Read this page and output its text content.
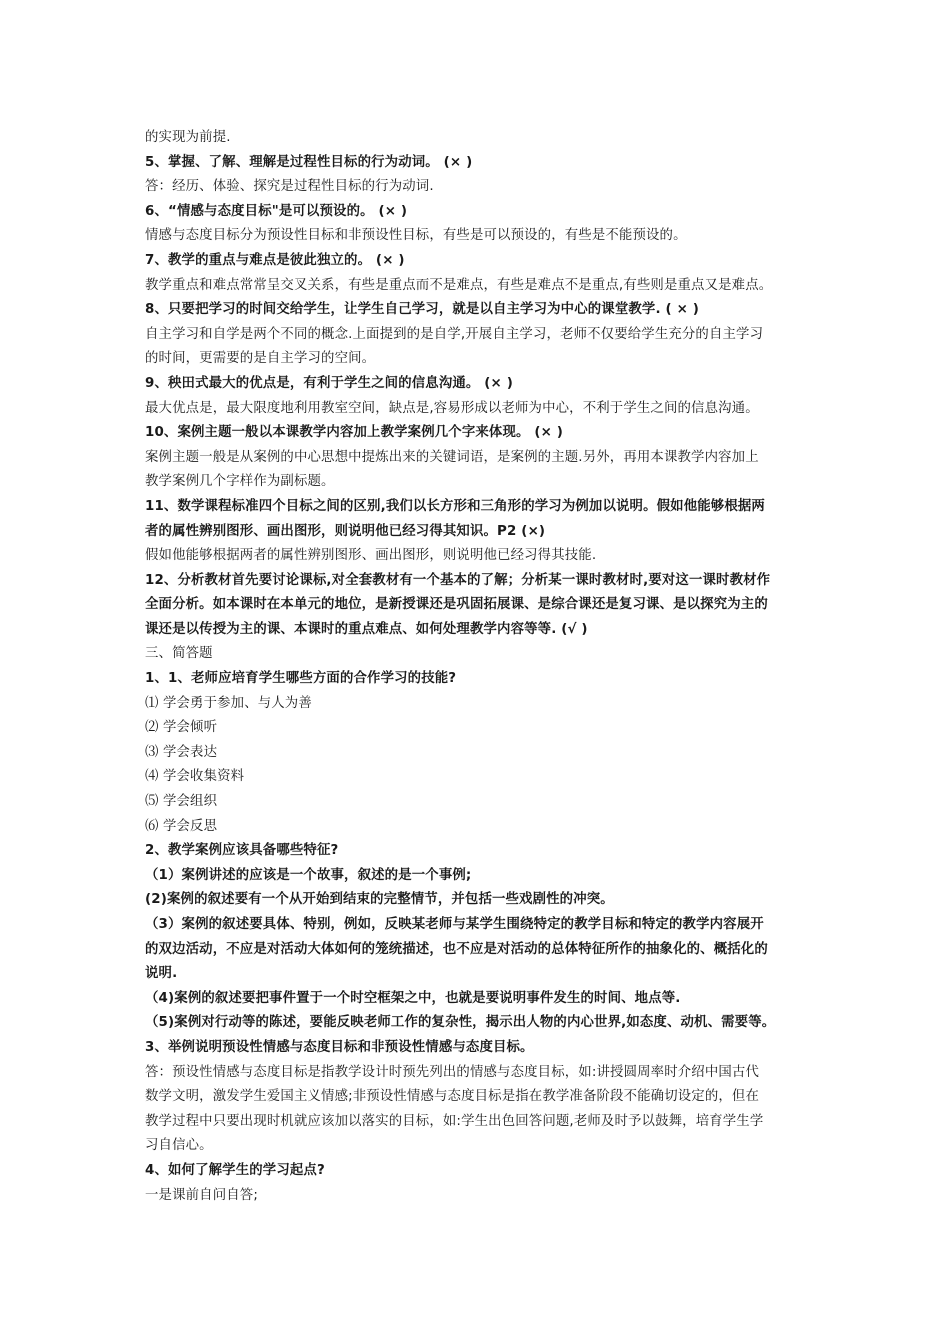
的实现为前提.
5、掌握、了解、理解是过程性目标的行为动词。 (× )
答：经历、体验、探究是过程性目标的行为动词.
6、“情感与态度目标"是可以预设的。 (× )
情感与态度目标分为预设性目标和非预设性目标，有些是可以预设的，有些是不能预设的。
7、教学的重点与难点是彼此独立的。 (× )
教学重点和难点常常呈交叉关系，有些是重点而不是难点，有些是难点不是重点,有些则是重点又是难点。
8、只要把学习的时间交给学生，让学生自己学习，就是以自主学习为中心的课堂教学. ( × )
自主学习和自学是两个不同的概念.上面提到的是自学,开展自主学习，老师不仅要给学生充分的自主学习
的时间，更需要的是自主学习的空间。
9、秧田式最大的优点是，有利于学生之间的信息沟通。 (× )
最大优点是，最大限度地利用教室空间，缺点是,容易形成以老师为中心，不利于学生之间的信息沟通。
10、案例主题一般以本课教学内容加上教学案例几个字来体现。 (× )
案例主题一般是从案例的中心思想中提炼出来的关键词语，是案例的主题.另外，再用本课教学内容加上
教学案例几个字样作为副标题。
11、数学课程标准四个目标之间的区别,我们以长方形和三角形的学习为例加以说明。假如他能够根据两
者的属性辨别图形、画出图形，则说明他已经习得其知识。P2 (×)
假如他能够根据两者的属性辨别图形、画出图形，则说明他已经习得其技能.
12、分析教材首先要讨论课标,对全套教材有一个基本的了解；分析某一课时教材时,要对这一课时教材作
全面分析。如本课时在本单元的地位，是新授课还是巩固拓展课、是综合课还是复习课、是以探究为主的
课还是以传授为主的课、本课时的重点难点、如何处理教学内容等等. (√ )
三、简答题
1、1、老师应培育学生哪些方面的合作学习的技能?
⑴ 学会勇于参加、与人为善
⑵ 学会倾听
⑶ 学会表达
⑷ 学会收集资料
⑸ 学会组织
⑹ 学会反思
2、教学案例应该具备哪些特征?
（1）案例讲述的应该是一个故事，叙述的是一个事例;
(2)案例的叙述要有一个从开始到结束的完整情节，并包括一些戏剧性的冲突。
（3）案例的叙述要具体、特别，例如，反映某老师与某学生围绕特定的教学目标和特定的教学内容展开
的双边活动，不应是对活动大体如何的笼统描述，也不应是对活动的总体特征所作的抽象化的、概括化的
说明.
（4)案例的叙述要把事件置于一个时空框架之中，也就是要说明事件发生的时间、地点等.
（5)案例对行动等的陈述，要能反映老师工作的复杂性，揭示出人物的内心世界,如态度、动机、需要等。
3、举例说明预设性情感与态度目标和非预设性情感与态度目标。
答：预设性情感与态度目标是指教学设计时预先列出的情感与态度目标，如:讲授圆周率时介绍中国古代
数学文明，激发学生爱国主义情感;非预设性情感与态度目标是指在教学准备阶段不能确切设定的，但在
教学过程中只要出现时机就应该加以落实的目标，如:学生出色回答问题,老师及时予以鼓舞，培育学生学
习自信心。
4、如何了解学生的学习起点?
一是课前自问自答;
